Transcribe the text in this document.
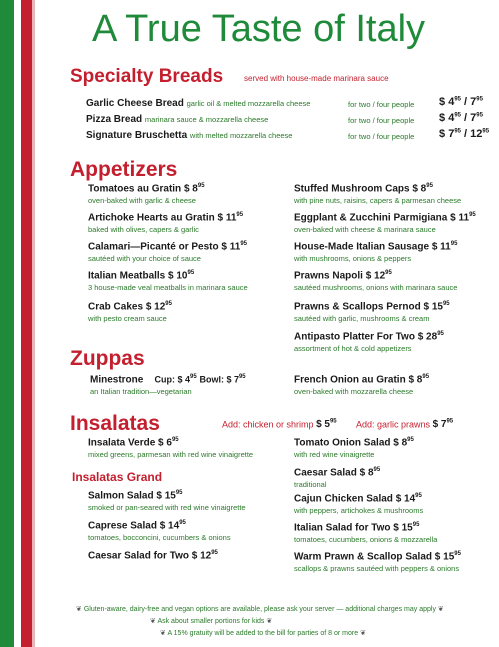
A True Taste of Italy
Specialty Breads	served with house-made marinara sauce
Garlic Cheese Bread garlic oil & melted mozzarella cheese	for two / four people $ $4^{95} / 7^{95}$
Pizza Bread marinara sauce & mozzarella cheese	for two / four people $ $4^{95} / 7^{95}$
Signature Bruschetta with melted mozzarella cheese	for two / four people $ $7^{95} / 12^{95}$
Appetizers
Tomatoes au Gratin $ $8^{95}$
oven-baked with garlic & cheese
Artichoke Hearts au Gratin $ $11^{95}$
baked with olives, capers & garlic
Calamari—Picanté or Pesto $ $11^{95}$
sautéed with your choice of sauce
Italian Meatballs $ $10^{95}$
3 house-made veal meatballs in marinara sauce
Crab Cakes $ $12^{95}$
with pesto cream sauce
Stuffed Mushroom Caps $ $8^{95}$
with pine nuts, raisins, capers & parmesan cheese
Eggplant & Zucchini Parmigiana $ $11^{95}$
oven-baked with cheese & marinara sauce
House-Made Italian Sausage $ $11^{95}$
with mushrooms, onions & peppers
Prawns Napoli $ $12^{95}$
sautéed mushrooms, onions with marinara sauce
Prawns & Scallops Pernod $ $15^{95}$
sautéed with garlic, mushrooms & cream
Antipasto Platter For Two $ $28^{95}$
assortment of hot & cold appetizers
Zuppas
Minestrone Cup: $ $4^{95}$ Bowl: $ $7^{95}$
an Italian tradition—vegetarian
French Onion au Gratin $ $8^{95}$
oven-baked with mozzarella cheese
Insalatas	Add: chicken or shrimp $ $5^{95}$ Add: garlic prawns $ $7^{95}$
Insalata Verde $ $6^{95}$
mixed greens, parmesan with red wine vinaigrette
Insalatas Grand
Salmon Salad $ $15^{95}$
smoked or pan-seared with red wine vinaigrette
Caprese Salad $ $14^{95}$
tomatoes, bocconcini, cucumbers & onions
Caesar Salad for Two $ $12^{95}$
Tomato Onion Salad $ $8^{95}$
with red wine vinaigrette
Caesar Salad $ $8^{95}$
traditional
Cajun Chicken Salad $ $14^{95}$
with peppers, artichokes & mushrooms
Italian Salad for Two $ $15^{95}$
tomatoes, cucumbers, onions & mozzarella
Warm Prawn & Scallop Salad $ $15^{95}$
scallops & prawns sautéed with peppers & onions
❦ Gluten-aware, dairy-free and vegan options are available, please ask your server — additional charges may apply ❦
❦ Ask about smaller portions for kids ❦
❦ A 15% gratuity will be added to the bill for parties of 8 or more ❦
